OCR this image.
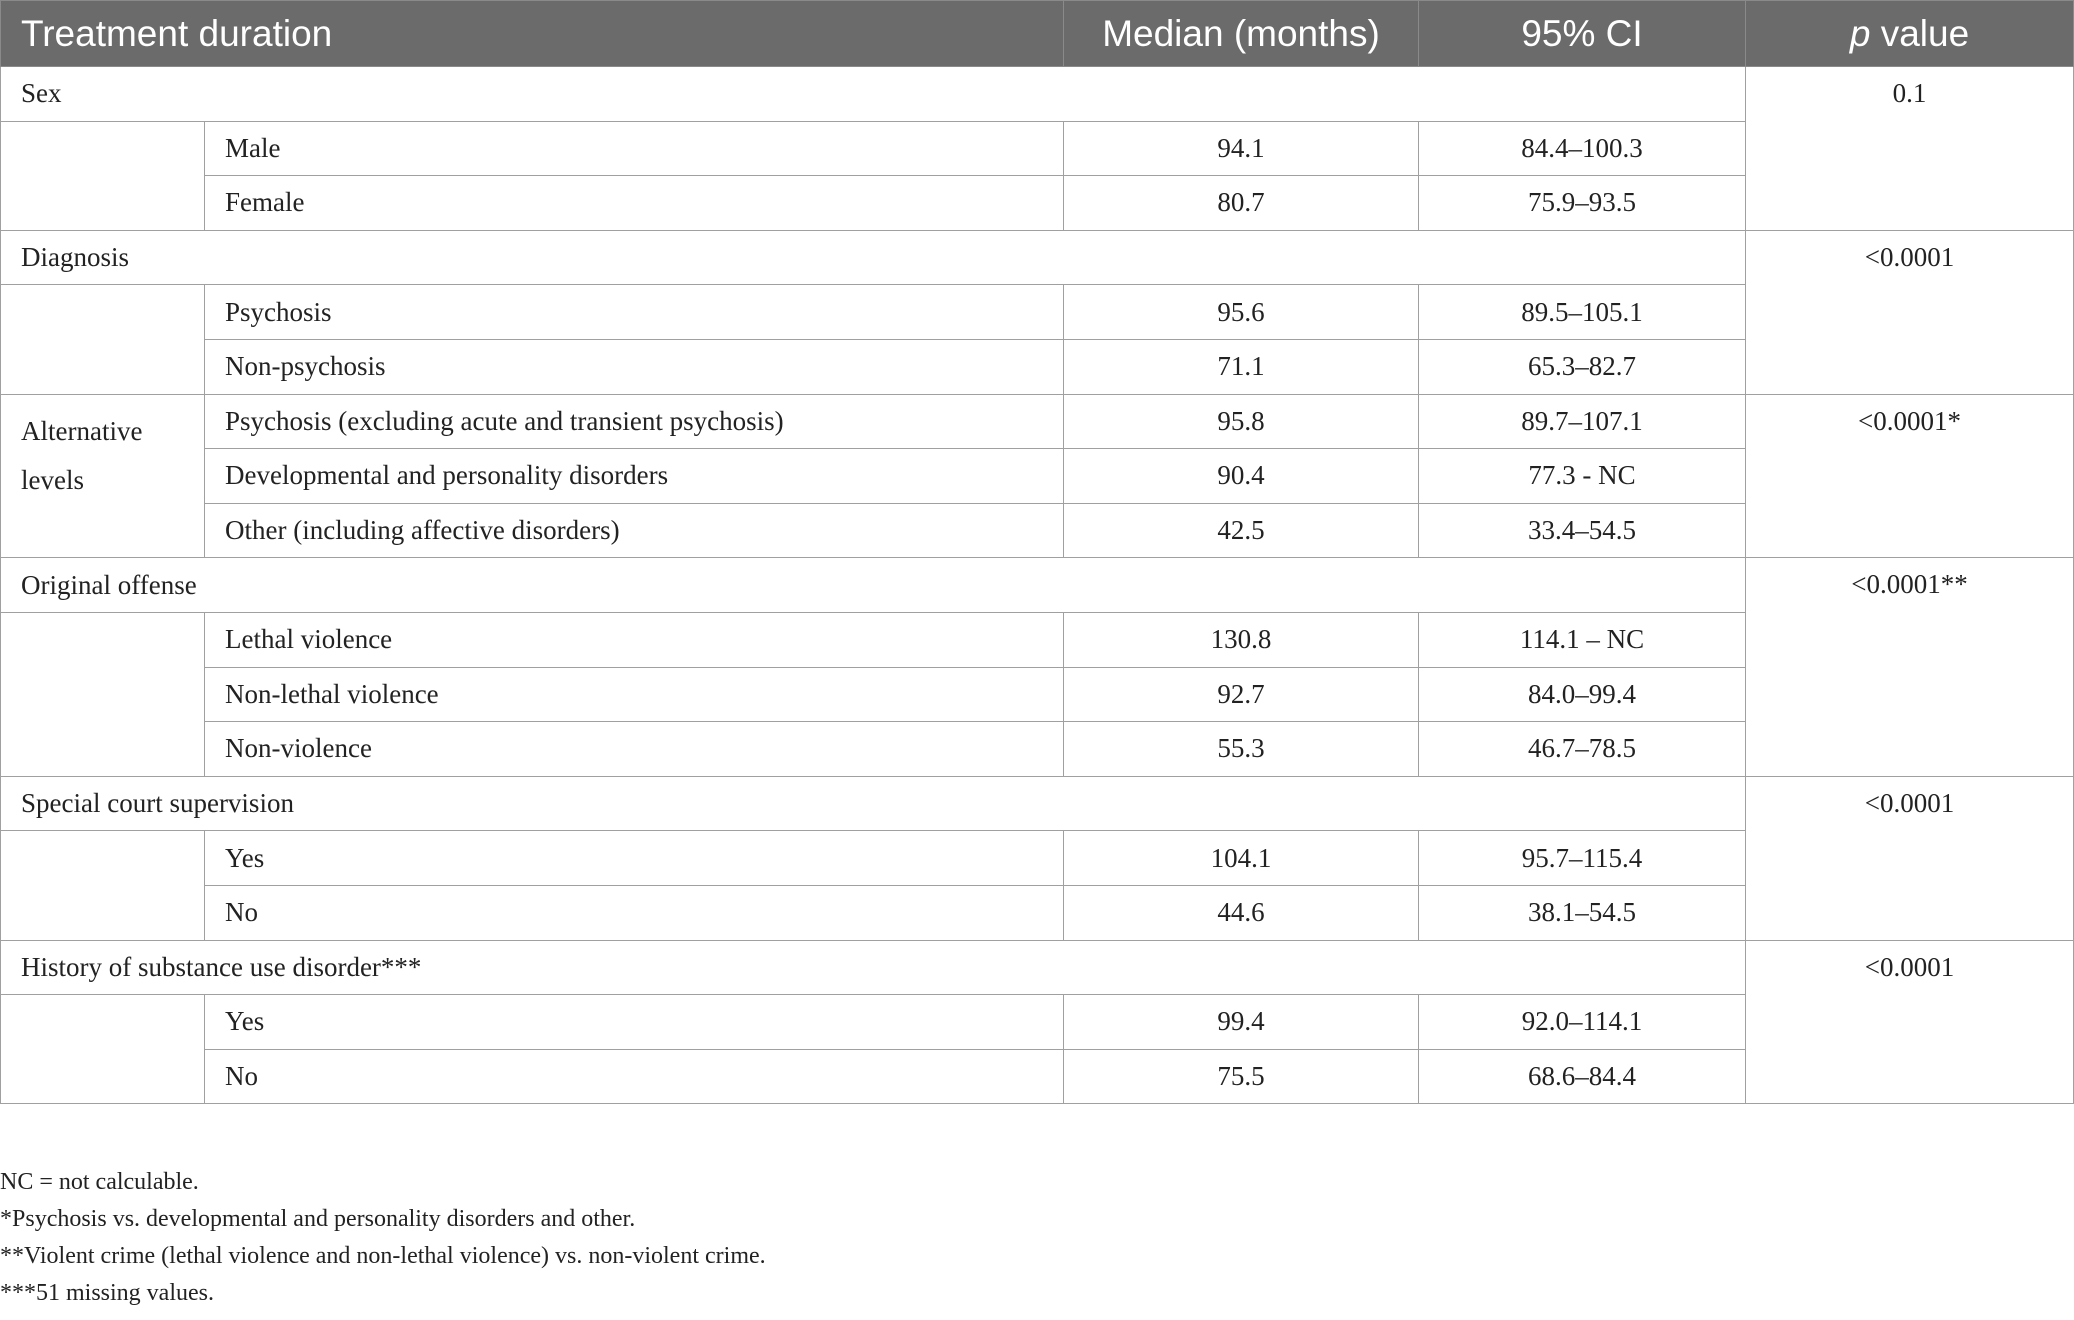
Treatment duration		Median (months)	95% CI	p value
Sex				0.1
	Male	94.1	84.4–100.3	
	Female	80.7	75.9–93.5	
Diagnosis				<0.0001
	Psychosis	95.6	89.5–105.1	
	Non-psychosis	71.1	65.3–82.7	
Alternative levels	Psychosis (excluding acute and transient psychosis)	95.8	89.7–107.1	<0.0001*
	Developmental and personality disorders	90.4	77.3 - NC	
	Other (including affective disorders)	42.5	33.4–54.5	
Original offense				<0.0001**
	Lethal violence	130.8	114.1 – NC	
	Non-lethal violence	92.7	84.0–99.4	
	Non-violence	55.3	46.7–78.5	
Special court supervision				<0.0001
	Yes	104.1	95.7–115.4	
	No	44.6	38.1–54.5	
History of substance use disorder***				<0.0001
	Yes	99.4	92.0–114.1	
	No	75.5	68.6–84.4	
NC = not calculable.
*Psychosis vs. developmental and personality disorders and other.
**Violent crime (lethal violence and non-lethal violence) vs. non-violent crime.
***51 missing values.
